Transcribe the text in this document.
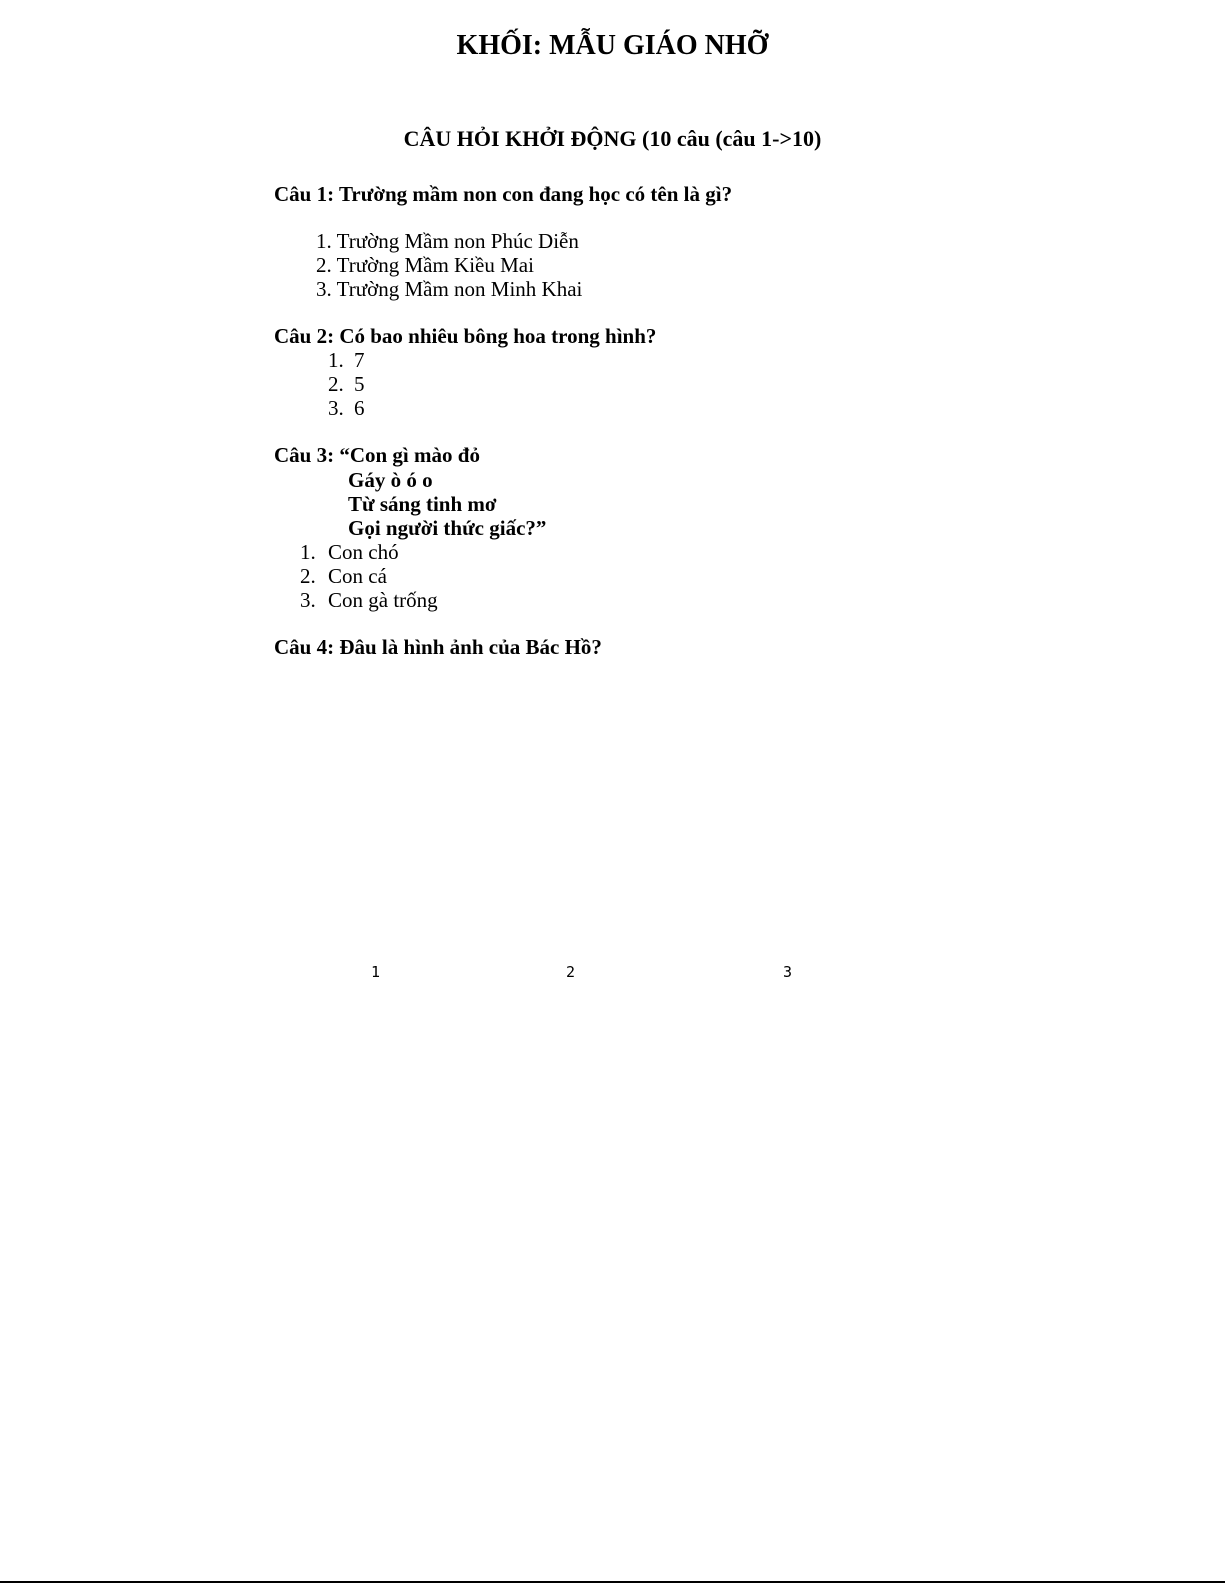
KHỐI: MẪU GIÁO NHỠ
CÂU HỎI KHỞI ĐỘNG (10 câu (câu 1->10)
Câu 1: Trường mầm non con đang học có tên là gì?
1. Trường Mầm non Phúc Diễn
2. Trường Mầm Kiều Mai
3. Trường Mầm non Minh Khai
Câu 2: Có bao nhiêu bông hoa trong hình?
1. 7
2. 5
3. 6
Câu 3: “Con gì mào đỏ
Gáy ò ó o
Từ sáng tinh mơ
Gọi người thức giấc?”
1. Con chó
2. Con cá
3. Con gà trống
Câu 4: Đâu là hình ảnh của Bác Hồ?
1	2	3
